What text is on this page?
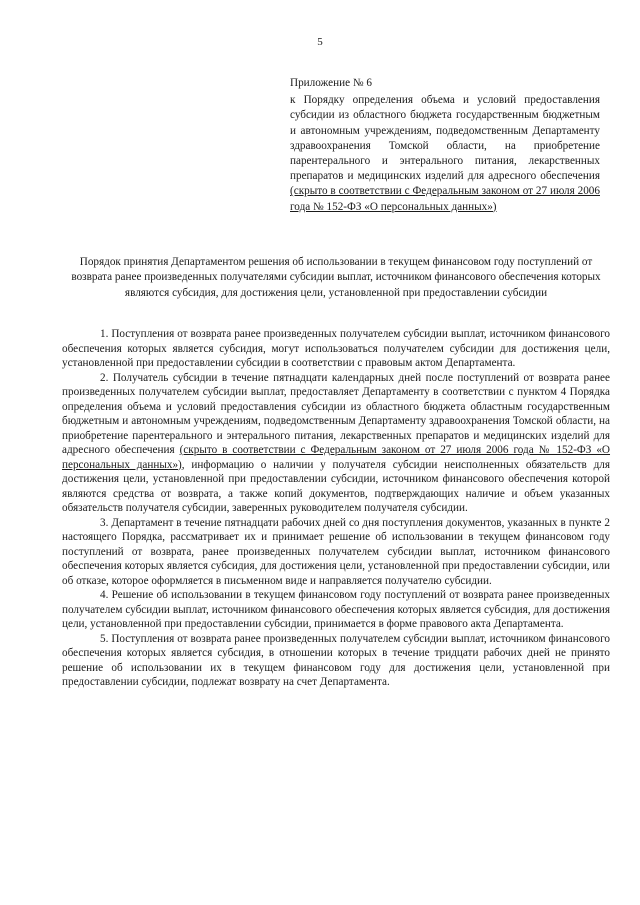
5

Приложение № 6

к Порядку определения объема и условий предоставления субсидии из областного бюджета государственным бюджетным и автономным учреждениям, подведомственным Департаменту здравоохранения Томской области, на приобретение парентерального и энтерального питания, лекарственных препаратов и медицинских изделий для адресного обеспечения (скрыто в соответствии с Федеральным законом от 27 июля 2006 года № 152-ФЗ «О персональных данных»)

Порядок принятия Департаментом решения об использовании в текущем финансовом году поступлений от возврата ранее произведенных получателями субсидии выплат, источником финансового обеспечения которых являются субсидия, для достижения цели, установленной при предоставлении субсидии

1. Поступления от возврата ранее произведенных получателем субсидии выплат, источником финансового обеспечения которых является субсидия, могут использоваться получателем субсидии для достижения цели, установленной при предоставлении субсидии в соответствии с правовым актом Департамента.

2. Получатель субсидии в течение пятнадцати календарных дней после поступлений от возврата ранее произведенных получателем субсидии выплат, предоставляет Департаменту в соответствии с пунктом 4 Порядка определения объема и условий предоставления субсидии из областного бюджета областным государственным бюджетным и автономным учреждениям, подведомственным Департаменту здравоохранения Томской области, на приобретение парентерального и энтерального питания, лекарственных препаратов и медицинских изделий для адресного обеспечения (скрыто в соответствии с Федеральным законом от 27 июля 2006 года № 152-ФЗ «О персональных данных»), информацию о наличии у получателя субсидии неисполненных обязательств для достижения цели, установленной при предоставлении субсидии, источником финансового обеспечения которой являются средства от возврата, а также копий документов, подтверждающих наличие и объем указанных обязательств получателя субсидии, заверенных руководителем получателя субсидии.

3. Департамент в течение пятнадцати рабочих дней со дня поступления документов, указанных в пункте 2 настоящего Порядка, рассматривает их и принимает решение об использовании в текущем финансовом году поступлений от возврата, ранее произведенных получателем субсидии выплат, источником финансового обеспечения которых является субсидия, для достижения цели, установленной при предоставлении субсидии, или об отказе, которое оформляется в письменном виде и направляется получателю субсидии.

4. Решение об использовании в текущем финансовом году поступлений от возврата ранее произведенных получателем субсидии выплат, источником финансового обеспечения которых является субсидия, для достижения цели, установленной при предоставлении субсидии, принимается в форме правового акта Департамента.

5. Поступления от возврата ранее произведенных получателем субсидии выплат, источником финансового обеспечения которых является субсидия, в отношении которых в течение тридцати рабочих дней не принято решение об использовании их в текущем финансовом году для достижения цели, установленной при предоставлении субсидии, подлежат возврату на счет Департамента.
